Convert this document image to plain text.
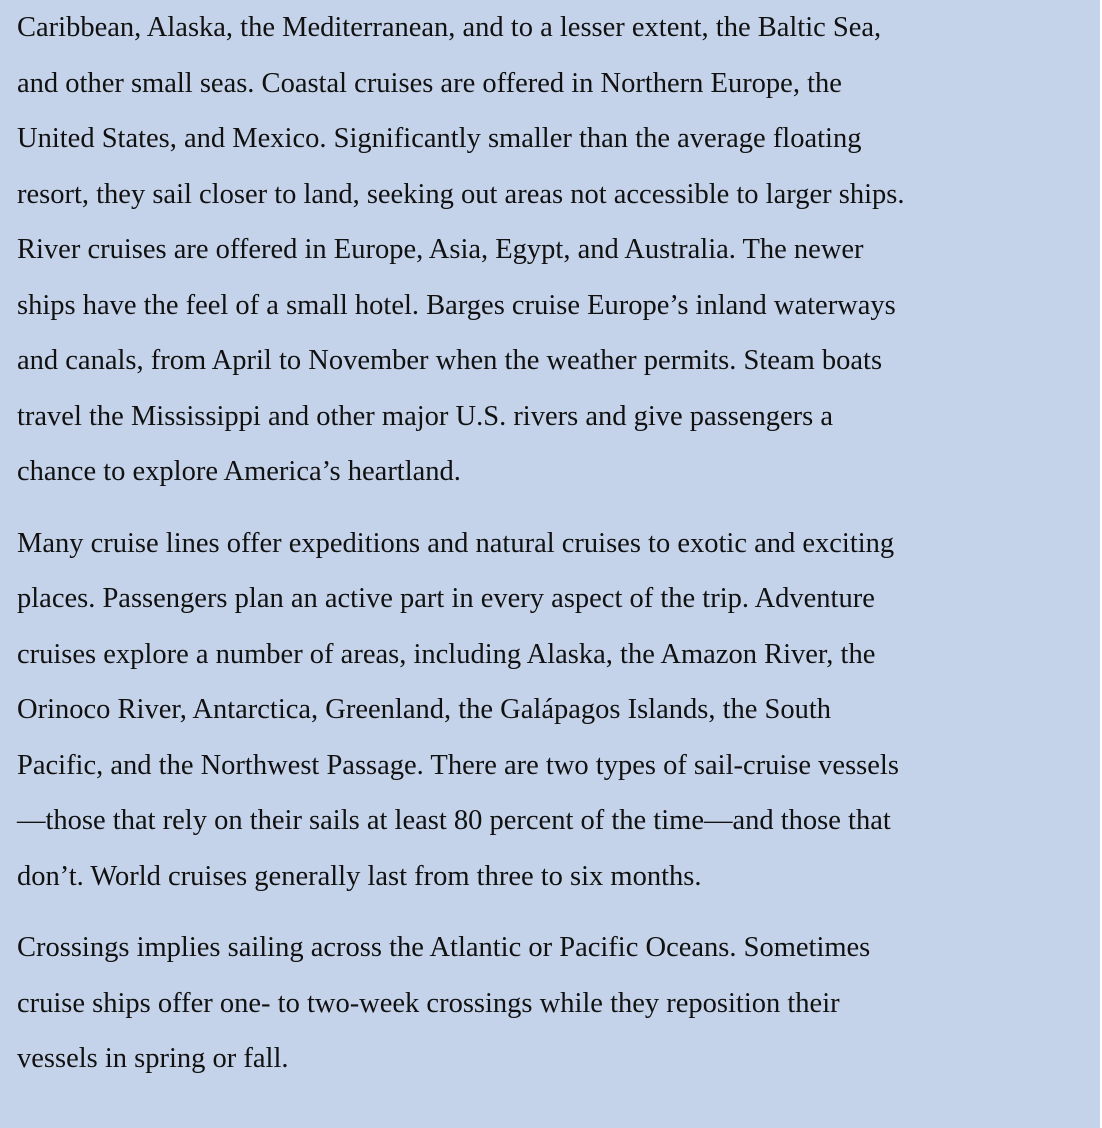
Caribbean, Alaska, the Mediterranean, and to a lesser extent, the Baltic Sea,
and other small seas. Coastal cruises are offered in Northern Europe, the
United States, and Mexico. Significantly smaller than the average floating
resort, they sail closer to land, seeking out areas not accessible to larger ships.
River cruises are offered in Europe, Asia, Egypt, and Australia. The newer
ships have the feel of a small hotel. Barges cruise Europe’s inland waterways
and canals, from April to November when the weather permits. Steam boats
travel the Mississippi and other major U.S. rivers and give passengers a
chance to explore America’s heartland.

Many cruise lines offer expeditions and natural cruises to exotic and exciting
places. Passengers plan an active part in every aspect of the trip. Adventure
cruises explore a number of areas, including Alaska, the Amazon River, the
Orinoco River, Antarctica, Greenland, the Galápagos Islands, the South
Pacific, and the Northwest Passage. There are two types of sail-cruise vessels
—those that rely on their sails at least 80 percent of the time—and those that
don’t. World cruises generally last from three to six months.

Crossings implies sailing across the Atlantic or Pacific Oceans. Sometimes
cruise ships offer one- to two-week crossings while they reposition their
vessels in spring or fall.
